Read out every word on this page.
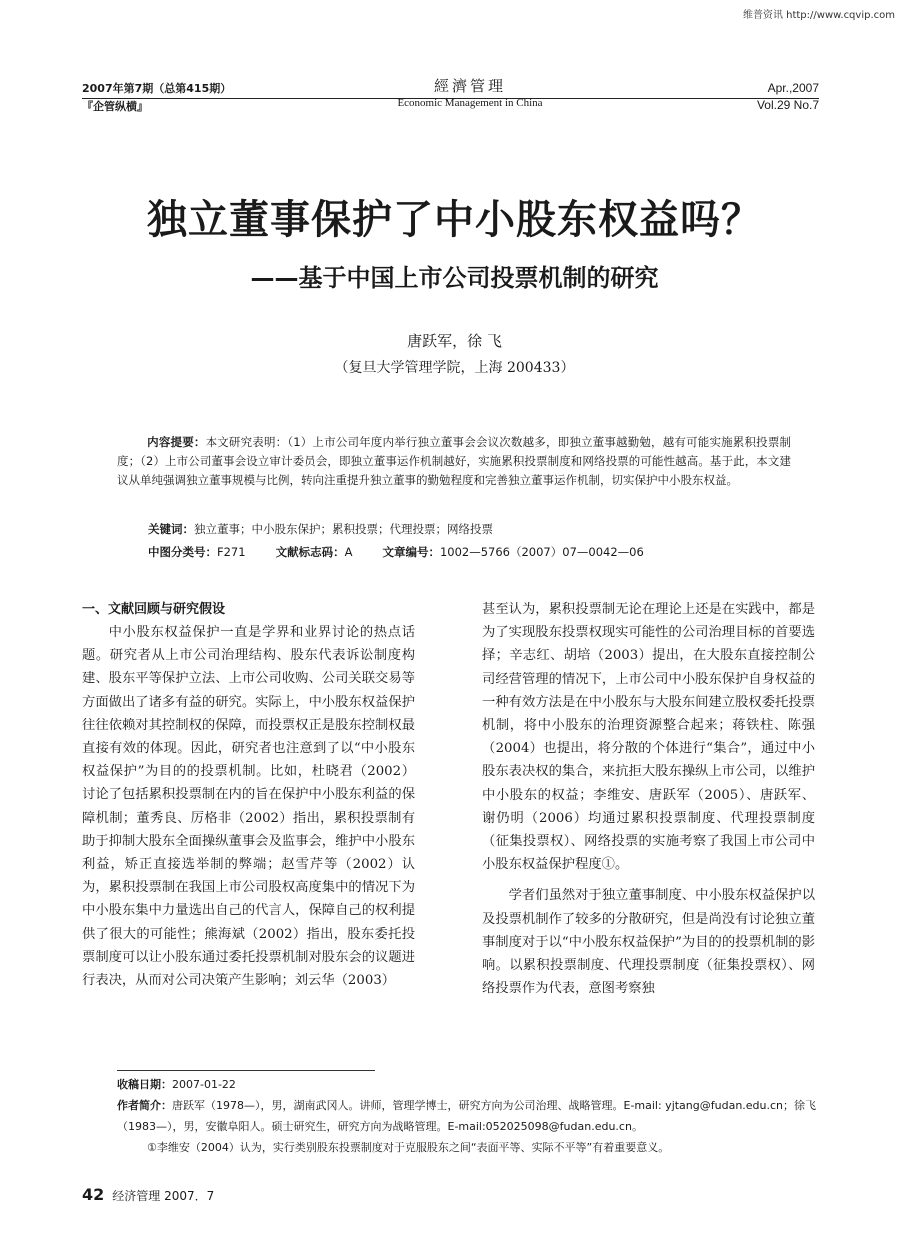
维普资讯 http://www.cqvip.com
2007年第7期（总第415期）
『企管纵横』
經濟管理
Economic Management in China
Apr.,2007
Vol.29 No.7
独立董事保护了中小股东权益吗？
——基于中国上市公司投票机制的研究
唐跃军，徐 飞
（复旦大学管理学院，上海 200433）
内容提要：本文研究表明：（1）上市公司年度内举行独立董事会会议次数越多，即独立董事越勤勉，越有可能实施累积投票制度；（2）上市公司董事会设立审计委员会，即独立董事运作机制越好，实施累积投票制度和网络投票的可能性越高。基于此，本文建议从单纯强调独立董事规模与比例，转向注重提升独立董事的勤勉程度和完善独立董事运作机制，切实保护中小股东权益。
关键词：独立董事；中小股东保护；累积投票；代理投票；网络投票
中图分类号：F271	文献标志码：A	文章编号：1002—5766（2007）07—0042—06

一、文献回顾与研究假设

中小股东权益保护一直是学界和业界讨论的热点话题。研究者从上市公司治理结构、股东代表诉讼制度构建、股东平等保护立法、上市公司收购、公司关联交易等方面做出了诸多有益的研究。实际上，中小股东权益保护往往依赖对其控制权的保障，而投票权正是股东控制权最直接有效的体现。因此，研究者也注意到了以“中小股东权益保护”为目的的投票机制。比如，杜晓君（2002）讨论了包括累积投票制在内的旨在保护中小股东利益的保障机制；董秀良、厉格非（2002）指出，累积投票制有助于抑制大股东全面操纵董事会及监事会，维护中小股东利益，矫正直接选举制的弊端；赵雪芹等（2002）认为，累积投票制在我国上市公司股权高度集中的情况下为中小股东集中力量选出自己的代言人，保障自己的权利提供了很大的可能性；熊海斌（2002）指出，股东委托投票制度可以让小股东通过委托投票机制对股东会的议题进行表决，从而对公司决策产生影响；刘云华（2003）

甚至认为，累积投票制无论在理论上还是在实践中，都是为了实现股东投票权现实可能性的公司治理目标的首要选择；辛志红、胡培（2003）提出，在大股东直接控制公司经营管理的情况下，上市公司中小股东保护自身权益的一种有效方法是在中小股东与大股东间建立股权委托投票机制，将中小股东的治理资源整合起来；蒋铁柱、陈强（2004）也提出，将分散的个体进行“集合”，通过中小股东表决权的集合，来抗拒大股东操纵上市公司，以维护中小股东的权益；李维安、唐跃军（2005）、唐跃军、谢仍明（2006）均通过累积投票制度、代理投票制度（征集投票权）、网络投票的实施考察了我国上市公司中小股东权益保护程度①。

学者们虽然对于独立董事制度、中小股东权益保护以及投票机制作了较多的分散研究，但是尚没有讨论独立董事制度对于以“中小股东权益保护”为目的的投票机制的影响。以累积投票制度、代理投票制度（征集投票权）、网络投票作为代表，意图考察独

收稿日期：2007-01-22

作者简介：唐跃军（1978—），男，湖南武冈人。讲师，管理学博士，研究方向为公司治理、战略管理。E-mail: yjtang@fudan.edu.cn；徐飞（1983—），男，安徽阜阳人。硕士研究生，研究方向为战略管理。E-mail:052025098@fudan.edu.cn。

①李维安（2004）认为，实行类别股东投票制度对于克服股东之间“表面平等、实际不平等”有着重要意义。

42 经济管理 2007．7
